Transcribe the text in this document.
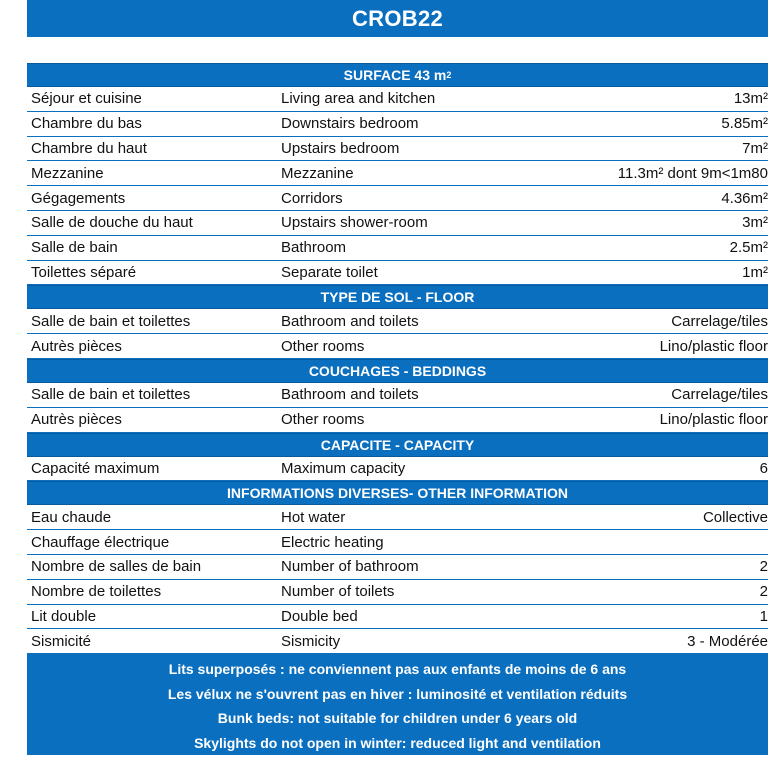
CROB22
SURFACE 43 m 2
Séjour et cuisine	Living area and kitchen	13m²
Chambre du bas	Downstairs bedroom	5.85m²
Chambre du haut	Upstairs bedroom	7m²
Mezzanine	Mezzanine	11.3m² dont 9m<1m80
Gégagements	Corridors	4.36m²
Salle de douche du haut	Upstairs shower-room	3m²
Salle de bain	Bathroom	2.5m²
Toilettes séparé	Separate toilet	1m²
TYPE DE SOL - FLOOR
Salle de bain et toilettes	Bathroom and toilets	Carrelage/tiles
Autrès pièces	Other rooms	Lino/plastic floor
COUCHAGES - BEDDINGS
Salle de bain et toilettes	Bathroom and toilets	Carrelage/tiles
Autrès pièces	Other rooms	Lino/plastic floor
CAPACITE - CAPACITY
Capacité maximum	Maximum capacity	6
INFORMATIONS DIVERSES- OTHER INFORMATION
Eau chaude	Hot water	Collective
Chauffage électrique	Electric heating
Nombre de salles de bain	Number of bathroom	2
Nombre de toilettes	Number of toilets	2
Lit double	Double bed	1
Sismicité	Sismicity	3 - Modérée
Lits superposés : ne conviennent pas aux enfants de moins de 6 ans
Les vélux ne s'ouvrent pas en hiver : luminosité et ventilation réduits
Bunk beds: not suitable for children under 6 years old
Skylights do not open in winter: reduced light and ventilation
